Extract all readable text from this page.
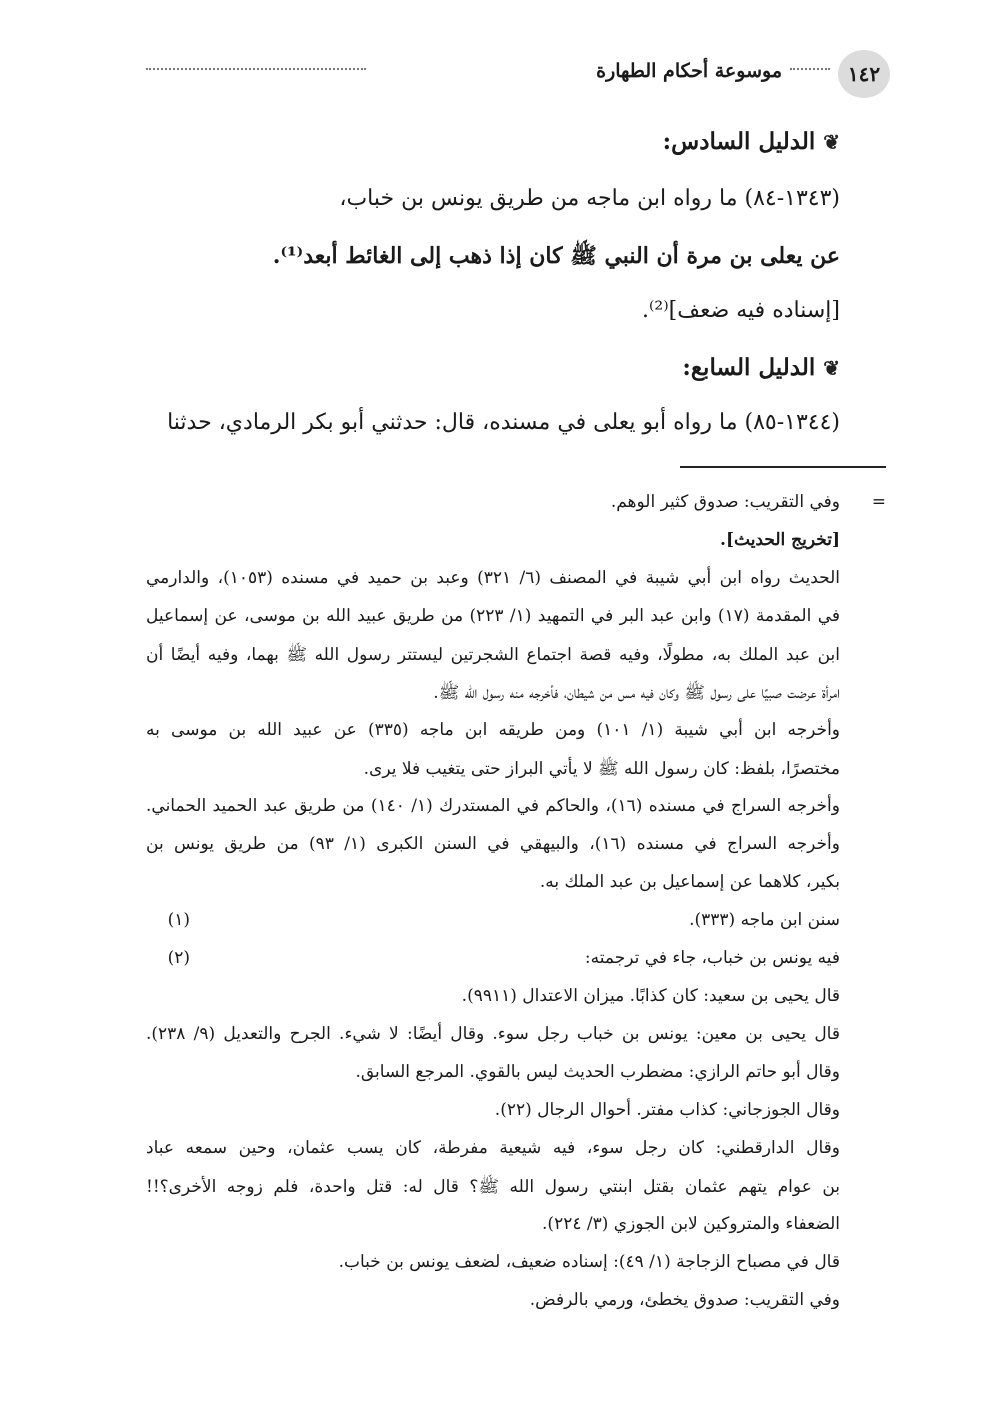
١٤٢
موسوعة أحكام الطهارة
❦الدليل السادس:
(١٣٤٣-٨٤) ما رواه ابن ماجه من طريق يونس بن خباب،
عن يعلى بن مرة أن النبي ﷺ كان إذا ذهب إلى الغائط أبعد⁽¹⁾.
[إسناده فيه ضعف]⁽²⁾.
❦الدليل السابع:
(١٣٤٤-٨٥) ما رواه أبو يعلى في مسنده، قال: حدثني أبو بكر الرمادي، حدثنا
=
وفي التقريب: صدوق كثير الوهم.
[تخريج الحديث].
الحديث رواه ابن أبي شيبة في المصنف (٦/ ٣٢١) وعبد بن حميد في مسنده (١٠٥٣)، والدارمي
في المقدمة (١٧) وابن عبد البر في التمهيد (١/ ٢٢٣) من طريق عبيد الله بن موسى، عن إسماعيل
ابن عبد الملك به، مطولًا، وفيه قصة اجتماع الشجرتين ليستتر رسول الله ﷺ بهما، وفيه أيضًا أن
امرأة عرضت صبيًا على رسول ﷺ وكان فيه مس من شيطان، فأخرجه منه رسول الله ﷺ.
وأخرجه ابن أبي شيبة (١/ ١٠١) ومن طريقه ابن ماجه (٣٣٥) عن عبيد الله بن موسى به
مختصرًا، بلفظ: كان رسول الله ﷺ لا يأتي البراز حتى يتغيب فلا يرى.
وأخرجه السراج في مسنده (١٦)، والحاكم في المستدرك (١/ ١٤٠) من طريق عبد الحميد الحماني.
وأخرجه السراج في مسنده (١٦)، والبيهقي في السنن الكبرى (١/ ٩٣) من طريق يونس بن
بكير، كلاهما عن إسماعيل بن عبد الملك به.
(١)	سنن ابن ماجه (٣٣٣).
(٢)	فيه يونس بن خباب، جاء في ترجمته:
قال يحيى بن سعيد: كان كذابًا. ميزان الاعتدال (٩٩١١).
قال يحيى بن معين: يونس بن خباب رجل سوء. وقال أيضًا: لا شيء. الجرح والتعديل (٩/ ٢٣٨).
وقال أبو حاتم الرازي: مضطرب الحديث ليس بالقوي. المرجع السابق.
وقال الجوزجاني: كذاب مفتر. أحوال الرجال (٢٢).
وقال الدارقطني: كان رجل سوء، فيه شيعية مفرطة، كان يسب عثمان، وحين سمعه عباد
بن عوام يتهم عثمان بقتل ابنتي رسول الله ﷺ؟ قال له: قتل واحدة، فلم زوجه الأخرى؟!!
الضعفاء والمتروكين لابن الجوزي (٣/ ٢٢٤).
قال في مصباح الزجاجة (١/ ٤٩): إسناده ضعيف، لضعف يونس بن خباب.
وفي التقريب: صدوق يخطئ، ورمي بالرفض.
